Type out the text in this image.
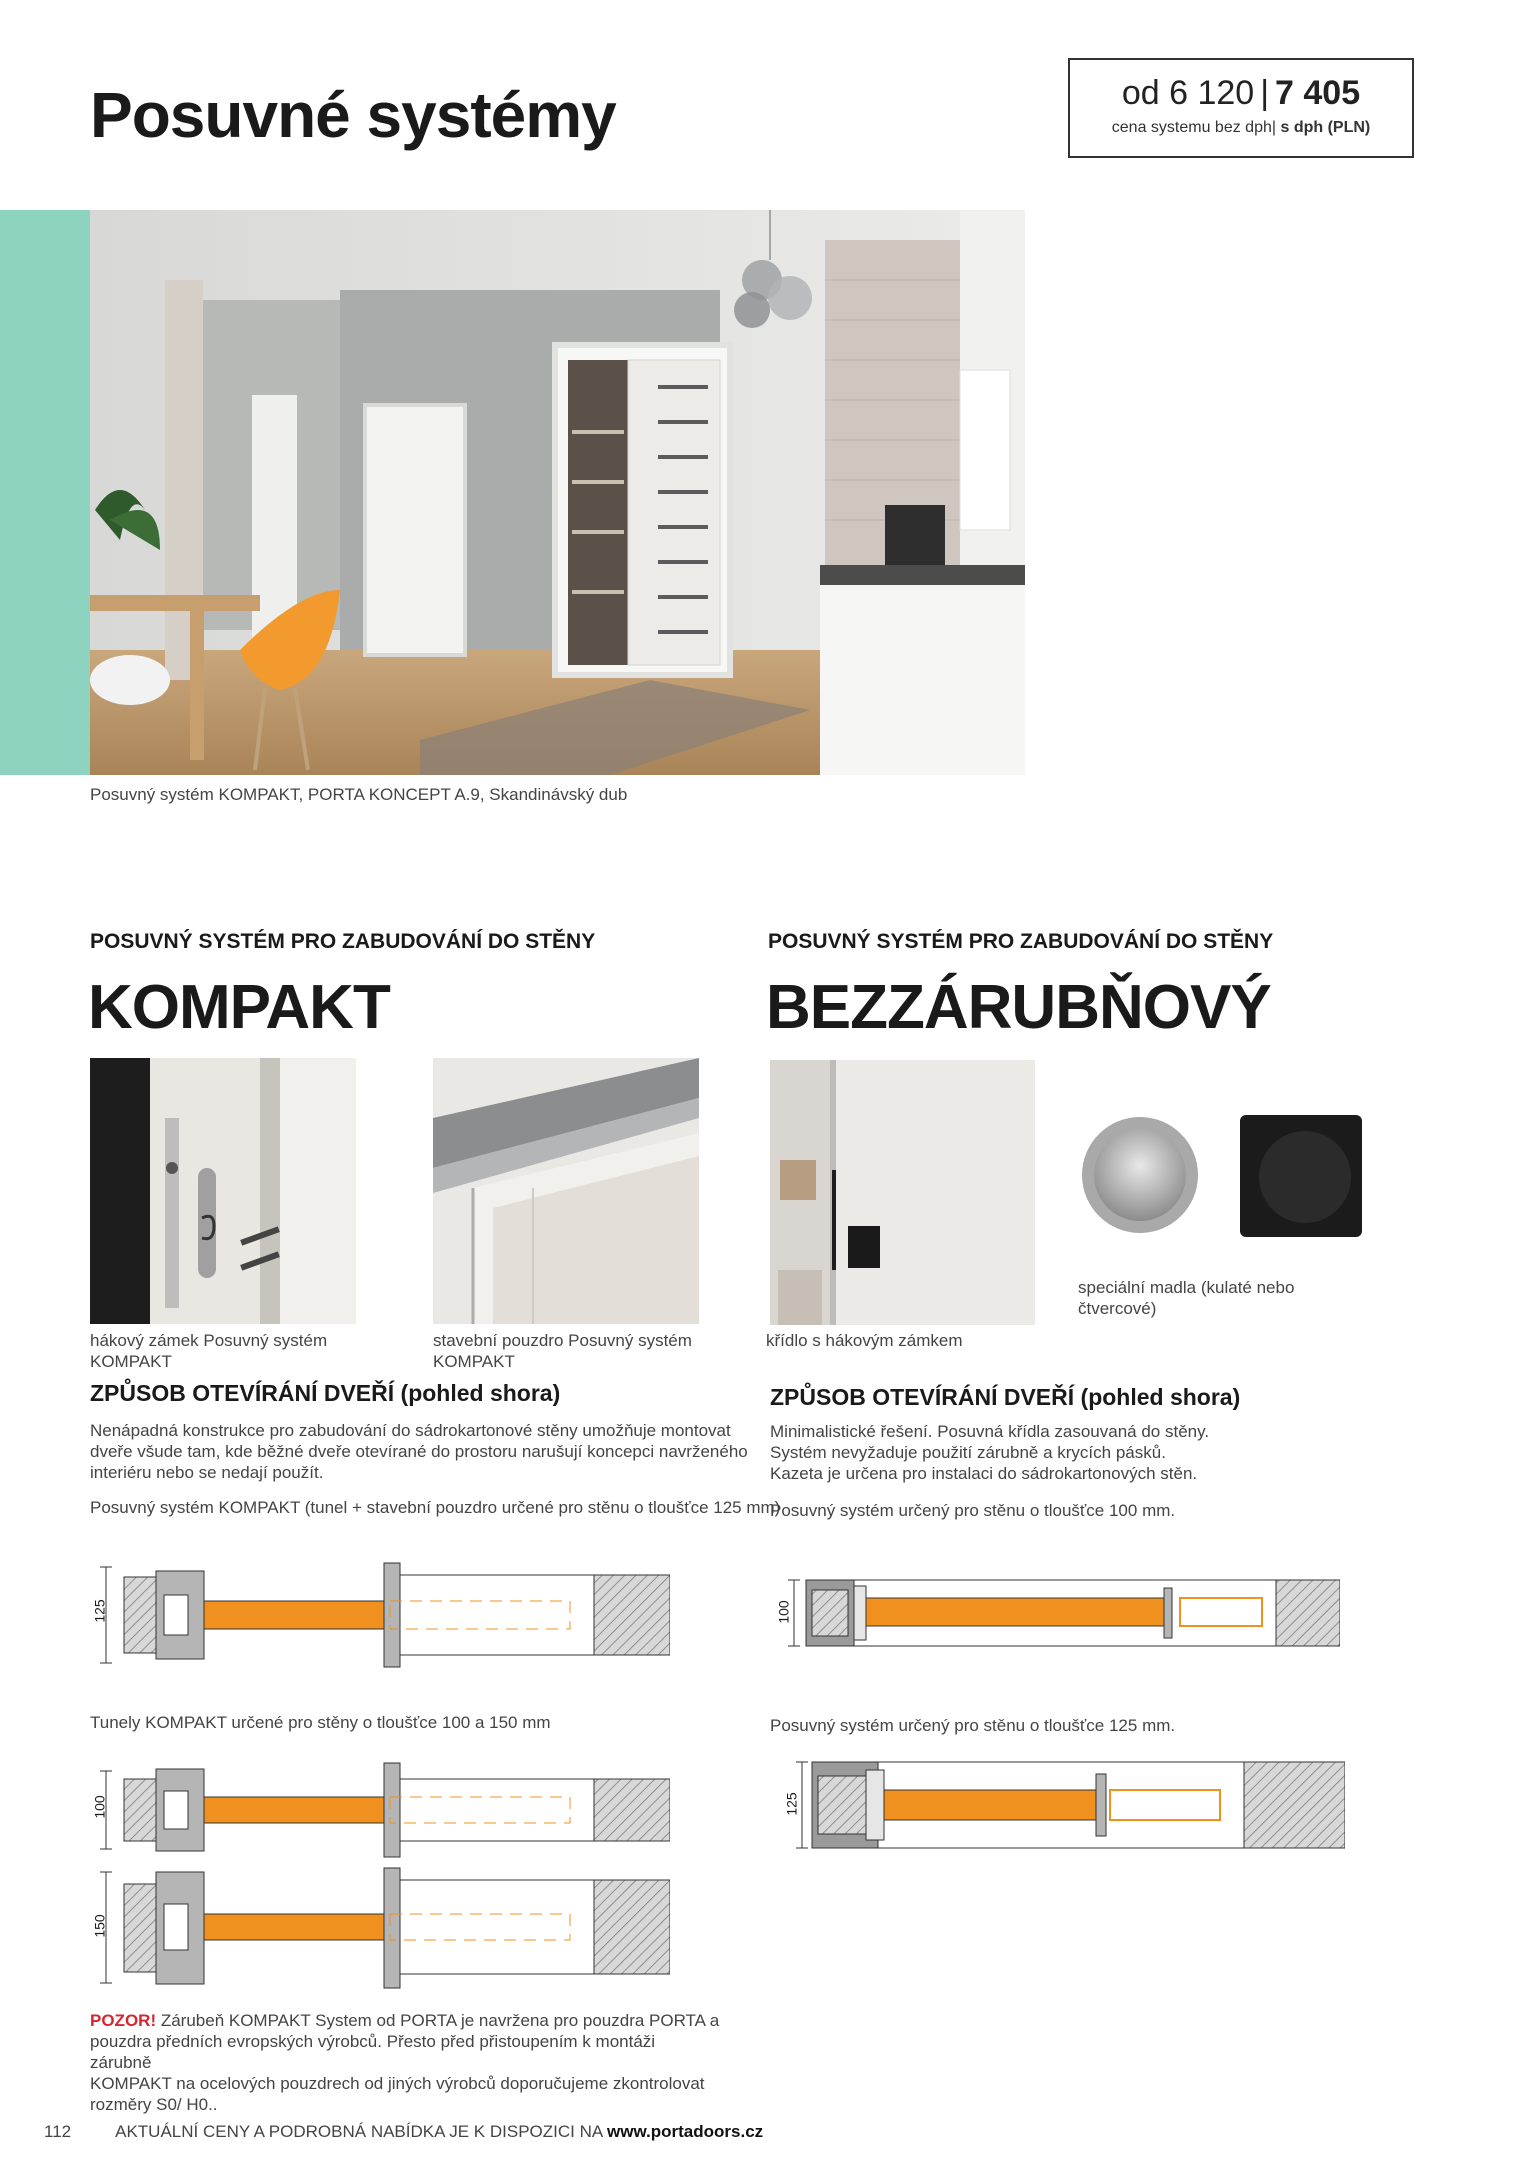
Posuvné systémy	od 6 120 | 7 405
cena systemu bez dph| s dph (PLN)
Posuvný systém KOMPAKT, PORTA KONCEPT A.9, Skandinávský dub
POSUVNÝ SYSTÉM PRO ZABUDOVÁNÍ DO STĚNY
KOMPAKT
hákový zámek Posuvný systém
KOMPAKT
stavební pouzdro Posuvný systém
KOMPAKT
ZPŮSOB OTEVÍRÁNÍ DVEŘÍ (pohled shora)
Nenápadná konstrukce pro zabudování do sádrokartonové stěny umožňuje montovat
dveře všude tam, kde běžné dveře otevírané do prostoru narušují koncepci navrženého
interiéru nebo se nedají použít.
Posuvný systém KOMPAKT (tunel + stavební pouzdro určené pro stěnu o tloušťce 125 mm)
125
Tunely KOMPAKT určené pro stěny o tloušťce 100 a 150 mm
100
150
POSUVNÝ SYSTÉM PRO ZABUDOVÁNÍ DO STĚNY
BEZZÁRUBŇOVÝ
křídlo s hákovým zámkem
speciální madla (kulaté nebo
čtvercové)
ZPŮSOB OTEVÍRÁNÍ DVEŘÍ (pohled shora)
Minimalistické řešení. Posuvná křídla zasouvaná do stěny.
Systém nevyžaduje použití zárubně a krycích pásků.
Kazeta je určena pro instalaci do sádrokartonových stěn.
Posuvný systém určený pro stěnu o tloušťce 100 mm.
100
Posuvný systém určený pro stěnu o tloušťce 125 mm.
125
POZOR! Zárubeň KOMPAKT System od PORTA je navržena pro pouzdra PORTA a
pouzdra předních evropských výrobců. Přesto před přistoupením k montáži zárubně
KOMPAKT na ocelových pouzdrech od jiných výrobců doporučujeme zkontrolovat
rozměry S0/ H0..
112	AKTUÁLNÍ CENY A PODROBNÁ NABÍDKA JE K DISPOZICI NA www.portadoors.cz
